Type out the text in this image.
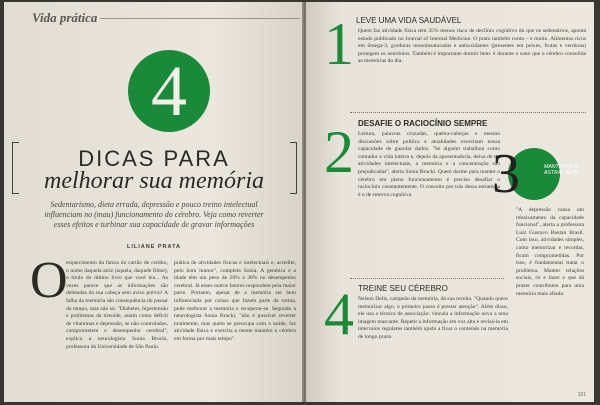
Vida prática
4
DICAS PARA
melhorar sua memória
Sedentarismo, dieta errada, depressão e pouco treino intelectual influenciam no (mau) funcionamento do cérebro. Veja como reverter esses efeitos e turbinar sua capacidade de gravar informações
LILIANE PRATA
O
esquecimento da fatura do cartão de crédito, o nome daquela atriz (aquela, daquele filme), o título do último livro que você leu... As vezes parece que as informações são deletadas da sua cabeça sem aviso prévio! A falha da memória são consequência do passar do tempo, mas não só. "Diabetes, hipertensão e problemas da tireoide, assim como déficit de vitaminas e depressão, se não controlados, comprometem o desempenho cerebral", explica a neurologista Sonia Brucki, professora da Universidade de São Paulo.
prática de atividades físicas e intelectuais e, acredite, pelo bom humor", completa Sonia. A genética e a idade têm um peso de 20% a 30% no desempenho cerebral. Já esses outros fatores respondem pela maior parte. Portanto, apesar de a memória ser bem influenciada por coisas que fazem parte da rotina, pode melhorar a memória e recuperar-se. Segundo a neurologista Sonia Brucki, "não é possível reverter totalmente, mas quem se preocupa com a saúde, faz atividade física e exercita a mente mantém o cérebro em forma por mais tempo".
1 LEVE UMA VIDA SAUDÁVEL
Quem faz atividade física tem 35% menos risco de declínio cognitivo do que os sedentários, aponta estudo publicado no Journal of Internal Medicine. O prato também conta – e muito. Alimentos ricos em ômega-3, gorduras monoinsaturadas e antioxidantes (presentes em peixes, frutas e verduras) protegem os neurônios. Também é importante dormir bem: é durante o sono que o cérebro consolida as memórias do dia.
2 DESAFIE O RACIOCÍNIO SEMPRE
Leitura, palavras cruzadas, quebra-cabeças e mesmo discussões sobre política e atualidades exercitam nossa capacidade de guardar dados. "Se alguém trabalhou como contador a vida inteira e, depois da aposentadoria, deixa de ter atividades intelectuais, a memória e a concentração são prejudicadas", alerta Sonia Brucki. Quem dorme para manter o cérebro em pleno funcionamento é preciso desafiar o raciocínio constantemente. O conceito por trás dessa estratégia é o de reserva cognitiva.	3	MANTENHA O ASTRAL ALTO
"A depressão causa um rebaixamento da capacidade funcional", alerta a professora Luiz Gustavo Bustan Brasil. Com isso, atividades simples, como memorizar e recordar, ficam comprometidas. Por isso, é fundamental tratar o problema. Manter relações sociais, rir e fazer o que dá prazer contribuem para uma memória mais afiada.
4 TREINE SEU CÉREBRO
Nelson Delis, campeão da memória, dá sua receita. "Quando quero memorizar algo, o primeiro passo é prestar atenção". Além disso, ele usa a técnica de associação: vincula a informação nova a uma imagem marcante. Repetir a informação em voz alta e revisá-la em intervalos regulares também ajuda a fixar o conteúdo na memória de longo prazo.
101
